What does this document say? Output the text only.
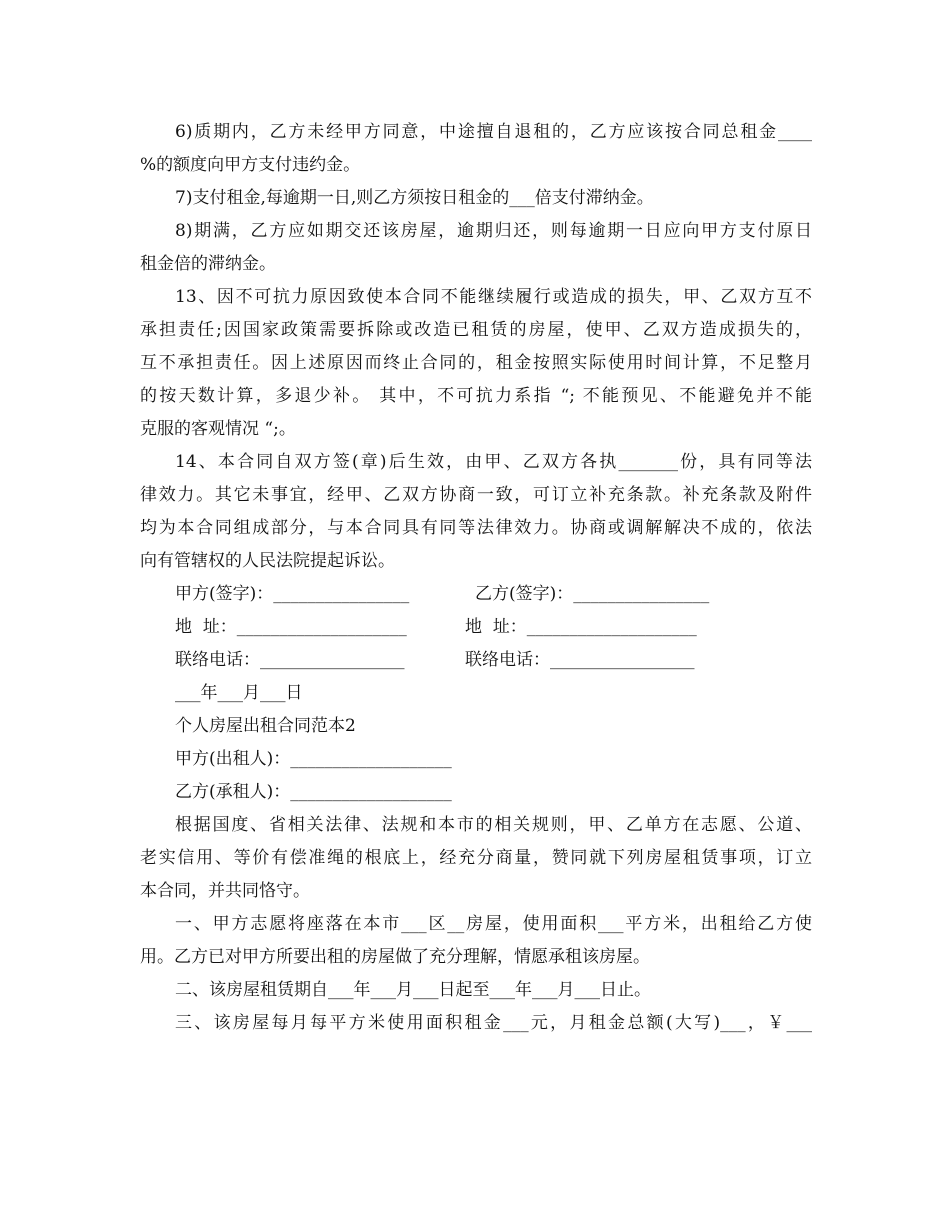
6)质期内，乙方未经甲方同意，中途擅自退租的，乙方应该按合同总租金____
%的额度向甲方支付违约金。
7)支付租金,每逾期一日,则乙方须按日租金的___倍支付滞纳金。
8)期满，乙方应如期交还该房屋，逾期归还，则每逾期一日应向甲方支付原日
租金倍的滞纳金。
13、因不可抗力原因致使本合同不能继续履行或造成的损失，甲、乙双方互不
承担责任;因国家政策需要拆除或改造已租赁的房屋，使甲、乙双方造成损失的，
互不承担责任。因上述原因而终止合同的，租金按照实际使用时间计算，不足整月
的按天数计算，多退少补。 其中，不可抗力系指 “; 不能预见、不能避免并不能
克服的客观情况 “;。
14、本合同自双方签(章)后生效，由甲、乙双方各执_______份，具有同等法
律效力。其它未事宜，经甲、乙双方协商一致，可订立补充条款。补充条款及附件
均为本合同组成部分，与本合同具有同等法律效力。协商或调解解决不成的，依法
向有管辖权的人民法院提起诉讼。
甲方(签字)：________________	乙方(签字)：________________
地  址：____________________	地  址：____________________
联络电话：_________________	联络电话：_________________
___年___月___日
个人房屋出租合同范本2
甲方(出租人)：___________________
乙方(承租人)：___________________
根据国度、省相关法律、法规和本市的相关规则，甲、乙单方在志愿、公道、
老实信用、等价有偿准绳的根底上，经充分商量，赞同就下列房屋租赁事项，订立
本合同，并共同恪守。
一、甲方志愿将座落在本市___区__房屋，使用面积___平方米，出租给乙方使
用。乙方已对甲方所要出租的房屋做了充分理解，情愿承租该房屋。
二、该房屋租赁期自___年___月___日起至___年___月___日止。
三、该房屋每月每平方米使用面积租金___元，月租金总额(大写)___，￥___
